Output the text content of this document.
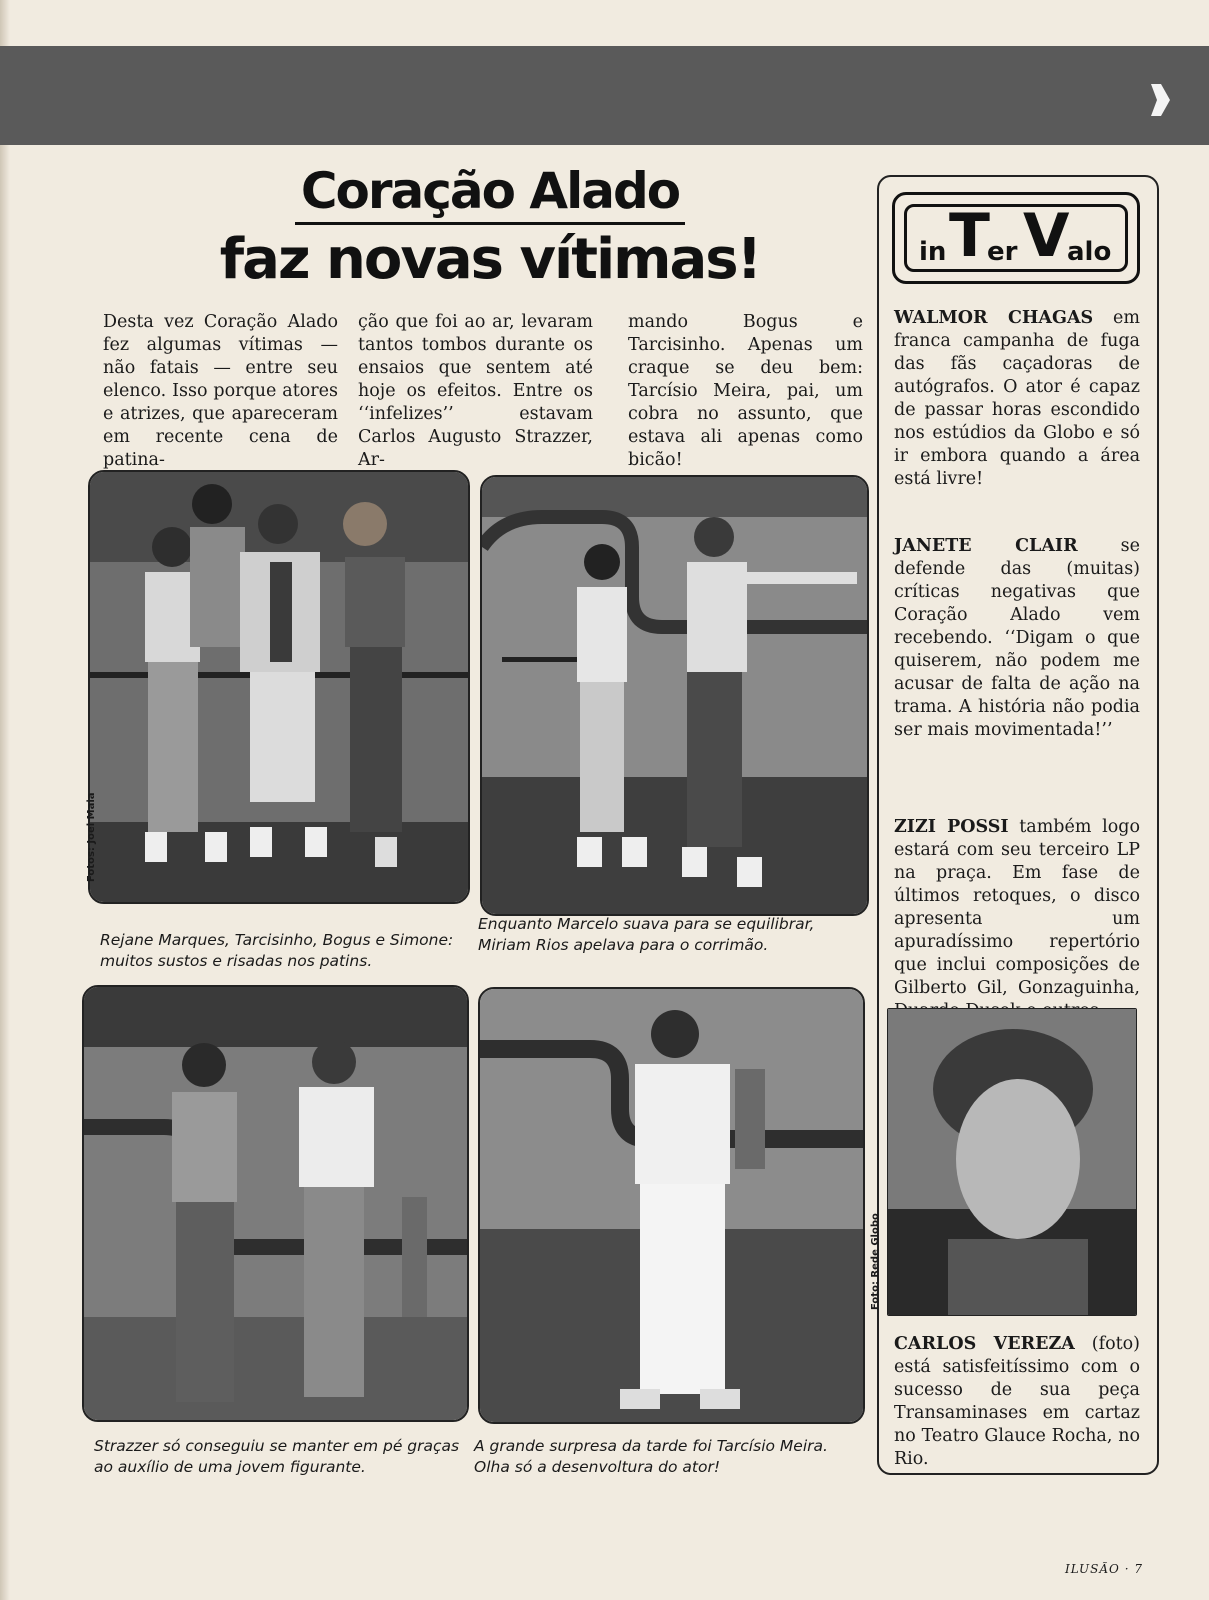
Coração Alado
faz novas vítimas!
Desta vez Coração Alado fez algumas vítimas — não fatais — entre seu elenco. Isso porque atores e atrizes, que apareceram em recente cena de patina-
ção que foi ao ar, levaram tantos tombos durante os ensaios que sentem até hoje os efeitos. Entre os ‘‘infelizes’’ estavam Carlos Augusto Strazzer, Ar-
mando Bogus e Tarcisinho. Apenas um craque se deu bem: Tarcísio Meira, pai, um cobra no assunto, que estava ali apenas como bicão!
Fotos: Joel Maia
Rejane Marques, Tarcisinho, Bogus e Simone: muitos sustos e risadas nos patins.
Enquanto Marcelo suava para se equilibrar, Miriam Rios apelava para o corrimão.
Strazzer só conseguiu se manter em pé graças ao auxílio de uma jovem figurante.
A grande surpresa da tarde foi Tarcísio Meira. Olha só a desenvoltura do ator!
in T
er V
alo
WALMOR CHAGAS em franca campanha de fuga das fãs caçadoras de autógrafos. O ator é capaz de passar horas escondido nos estúdios da Globo e só ir embora quando a área está livre!
JANETE CLAIR se defende das (muitas) críticas negativas que Coração Alado vem recebendo. ‘‘Digam o que quiserem, não podem me acusar de falta de ação na trama. A história não podia ser mais movimentada!’’
ZIZI POSSI também logo estará com seu terceiro LP na praça. Em fase de últimos retoques, o disco apresenta um apuradíssimo repertório que inclui composições de Gilberto Gil, Gonzaguinha,
Foto: Rede Globo
CARLOS VEREZA (foto) está satisfeitíssimo com o sucesso de sua peça Transaminases em cartaz no Teatro Glauce Rocha, no Rio.
ILUSÃO · 7
